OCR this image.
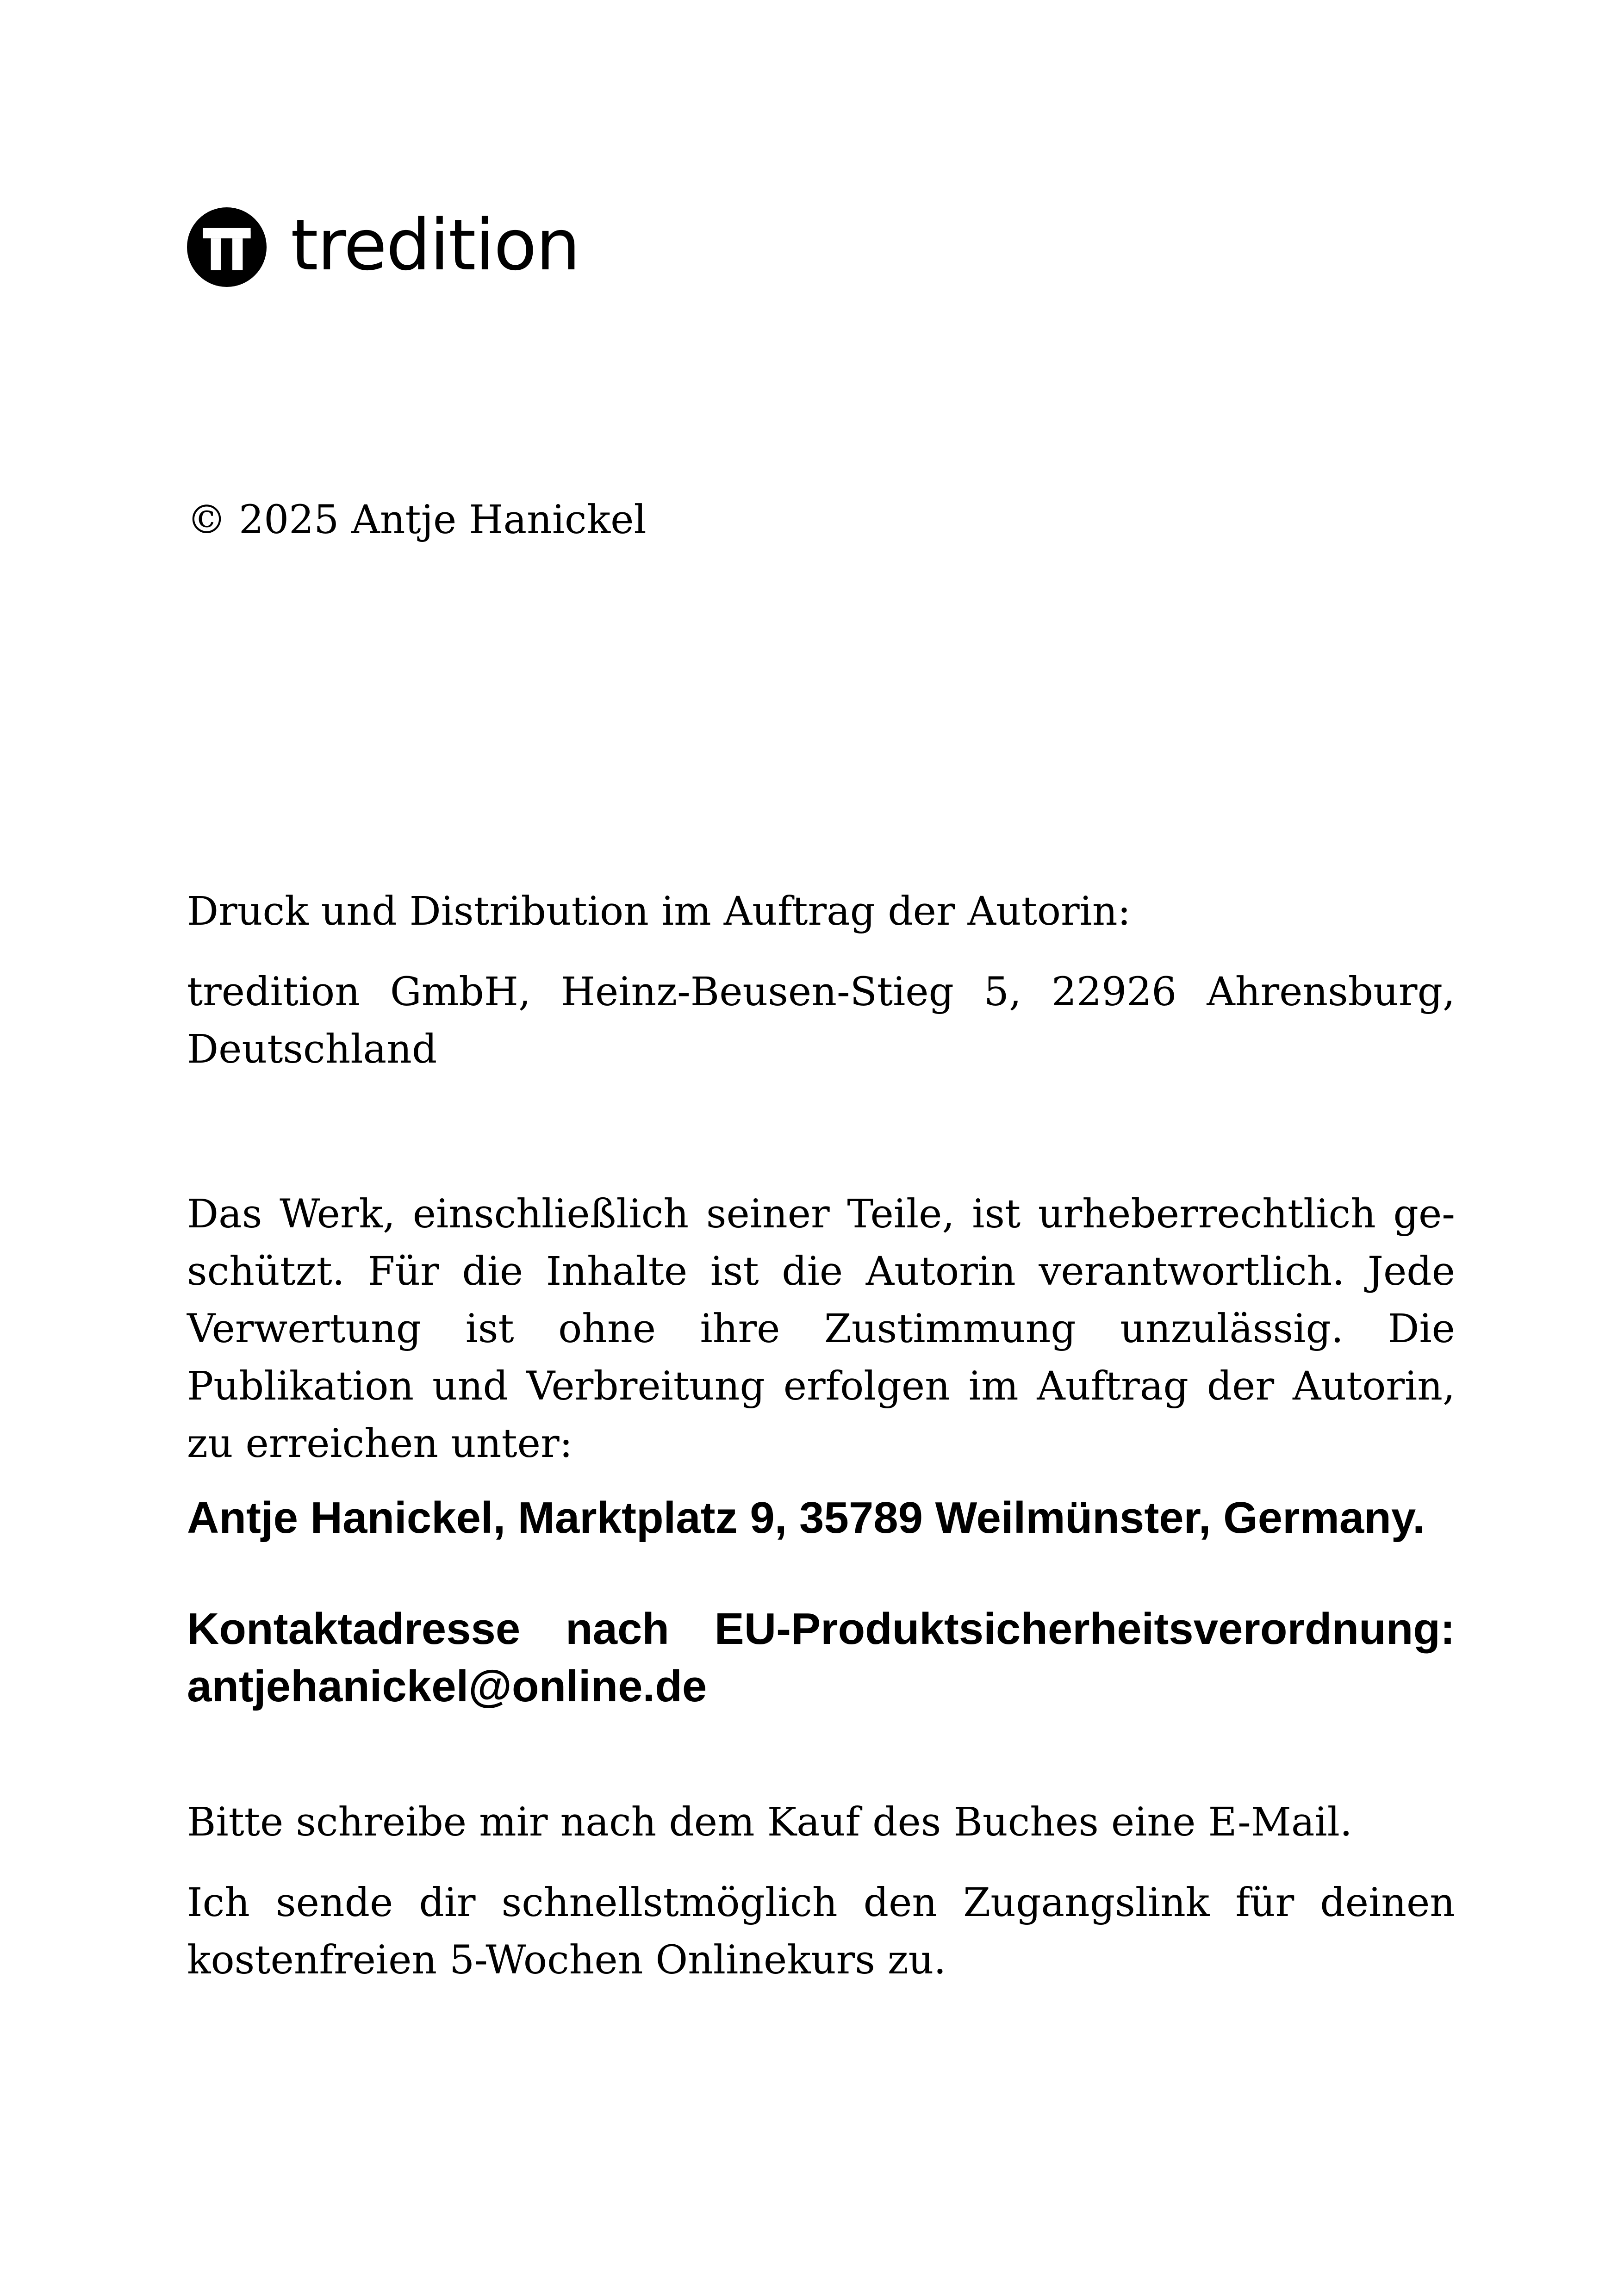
tredition

© 2025 Antje Hanickel

Druck und Distribution im Auftrag der Autorin:

tredition GmbH, Heinz-Beusen-Stieg 5, 22926 Ahrensburg, Deutschland

Das Werk, einschließlich seiner Teile, ist urheberrechtlich geschützt. Für die Inhalte ist die Autorin verantwortlich. Jede Verwertung ist ohne ihre Zustimmung unzulässig. Die Publikation und Verbreitung erfolgen im Auftrag der Autorin, zu erreichen unter:

Antje Hanickel, Marktplatz 9, 35789 Weilmünster, Germany.

Kontaktadresse nach EU-Produktsicherheitsverordnung: antjehanickel@online.de

Bitte schreibe mir nach dem Kauf des Buches eine E-Mail.

Ich sende dir schnellstmöglich den Zugangslink für deinen kostenfreien 5-Wochen Onlinekurs zu.
